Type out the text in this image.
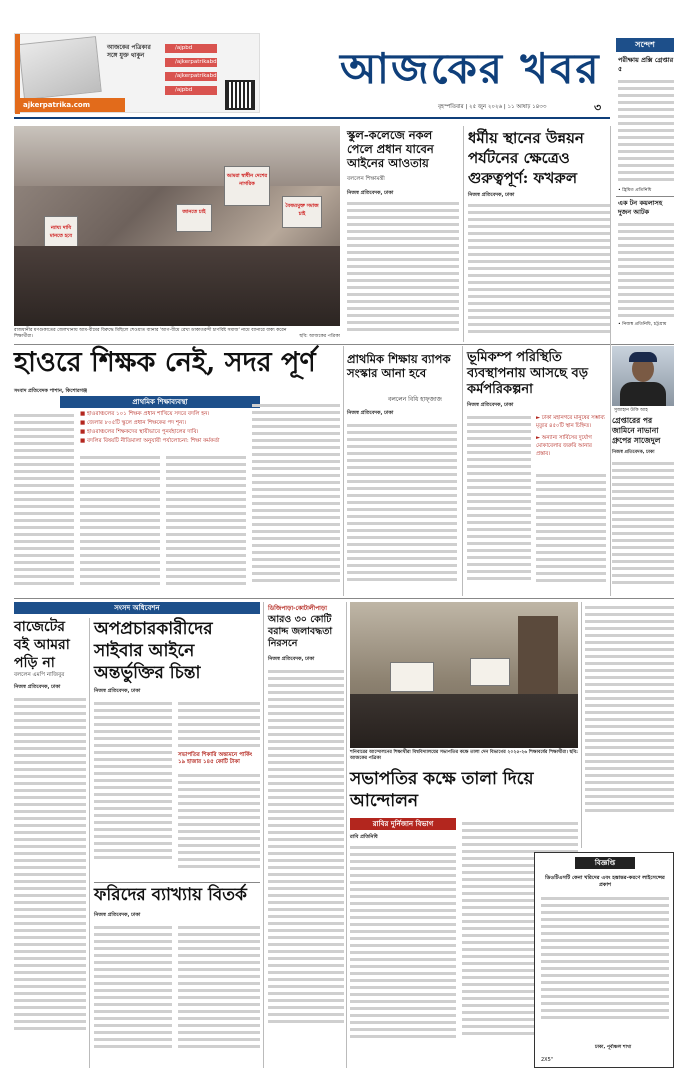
আজকের পত্রিকার
সঙ্গে যুক্ত থাকুন
/ajpbd
/ajkerpatrikabd
/ajkerpatrikabd
/ajpbd
ajkerpatrika.com
আজকের খবর
বৃহস্পতিবার | ২৫ জুন ২০২৬ | ১১ আষাঢ় ১৪৩৩	৩
সন্দেশ
পরীক্ষায় প্রক্সি গ্রেপ্তার ৫
• হ্রিমিত প্রতিনিধি
এক টন কয়লাসহ দুজন আটক
• নিজস্ব প্রতিনিধি, চট্টগ্রাম
আমরা স্বাধীন দেশের নাগরিক
জানতে চাই
বৈষম্যমুক্ত সমাজ চাই
ন্যায্য দাবি মানতে হবে
রাজধানীর মণগুকাতের জেলখানায় আম-বীমের বিরুদ্ধে মিছিলে শেওয়াত ব্যানার 'আগ-বীমে রেখা ডাকাতরন্দী চাণবিষ্ট সমাজ' নামে ব্যানারে বাক্য করেন শিক্ষার্থীরা।	ছবি: আজকের পত্রিকা
স্কুল-কলেজে নকল পেলে প্রধান যাবেন আইনের আওতায়
বললেন শিক্ষামন্ত্রী
নিজস্ব প্রতিবেদক, ঢাকা
ধর্মীয় স্থানের উন্নয়ন পর্যটনের ক্ষেত্রেও গুরুত্বপূর্ণ: ফখরুল
নিজস্ব প্রতিবেদক, ঢাকা
হাওরে শিক্ষক নেই, সদর পূর্ণ
সংবাদ প্রতিবেদক পাশান, কিশোরগঞ্জ
প্রাথমিক শিক্ষাব্যবস্থা
■ হাওরাঞ্চলের ১০১ শিক্ষক প্রধান শাখিয়ে সদরে বদলি হন।
■ জেলার ৮০৫টি স্কুলে প্রধান শিক্ষকের পদ শূন্য।
■ হাওরাঞ্চলের শিক্ষকদের স্থায়ীভাবে পুনর্বহালের দাবি।
■ বদলির বিষয়টি নীতিমালা অনুযায়ী পর্যালোচনা: শিক্ষা কর্মকর্তা
প্রাথমিক শিক্ষায় ব্যাপক সংস্কার আনা হবে
বললেন বিধি হাফ্জাজ
নিজস্ব প্রতিবেদক, ঢাকা
ভূমিকম্প পরিস্থিতি ব্যবস্থাপনায় আসছে বড় কর্মপরিকল্পনা
নিজস্ব প্রতিবেদক, ঢাকা
► ঢাকা মহানগরে মানুষের সম্ভাব্য মৃত্যুর ৪৫০টি স্থান চিহ্নিত।
► অন্যান্য সার্বিসের দুর্যোগ মোকাবেলার জরুরি আনার প্রস্তাব।
সুজাহান উকি আহ
গ্রেপ্তারের পর জামিনে নাভানা গ্রুপের সাজেদুল
নিজস্ব প্রতিবেদক, ঢাকা
সংসদ অধিবেশন
বাজেটের বই আমরা পড়ি না
বললেন এমপি নাজিবুর
নিজস্ব প্রতিবেদক, ঢাকা
অপপ্রচারকারীদের সাইবার আইনে অন্তর্ভুক্তির চিন্তা
নিজস্ব প্রতিবেদক, ঢাকা
সভাপতির শিকারি অন্ত্যমনে পার্কিং ১৯ হাজার ১৪৫ কোটি টাকা
ফরিদের ব্যাখ্যায় বিতর্ক
নিজস্ব প্রতিবেদক, ঢাকা
ডিজিপাড়া-কোটালীপাড়া
আরও ৩০ কোটি বরাদ্দ জলাবদ্ধতা নিরসনে
নিজস্ব প্রতিবেদক, ঢাকা
শনিবারের আন্দোলনের শিক্ষার্থীরা বিশ্ববিদ্যালয়ের সভাপতির কক্ষে তালা দেন বিভাগের ২০২৫-২৬ শিক্ষাবর্ষের শিক্ষার্থীরা। ছবি: আজকের পত্রিকা
সভাপতির কক্ষে তালা দিয়ে আন্দোলন
রাবির দুর্নিজান বিভাগ
রাবি প্রতিনিধি
বিজ্ঞপ্তি
ডিওটিএসটি কেনা খরিদের এবং হস্তান্তর-করণে লাইসেন্সের প্রকাশ
ঢাকা, পূর্বাঞ্চল শাখা
2X5"
